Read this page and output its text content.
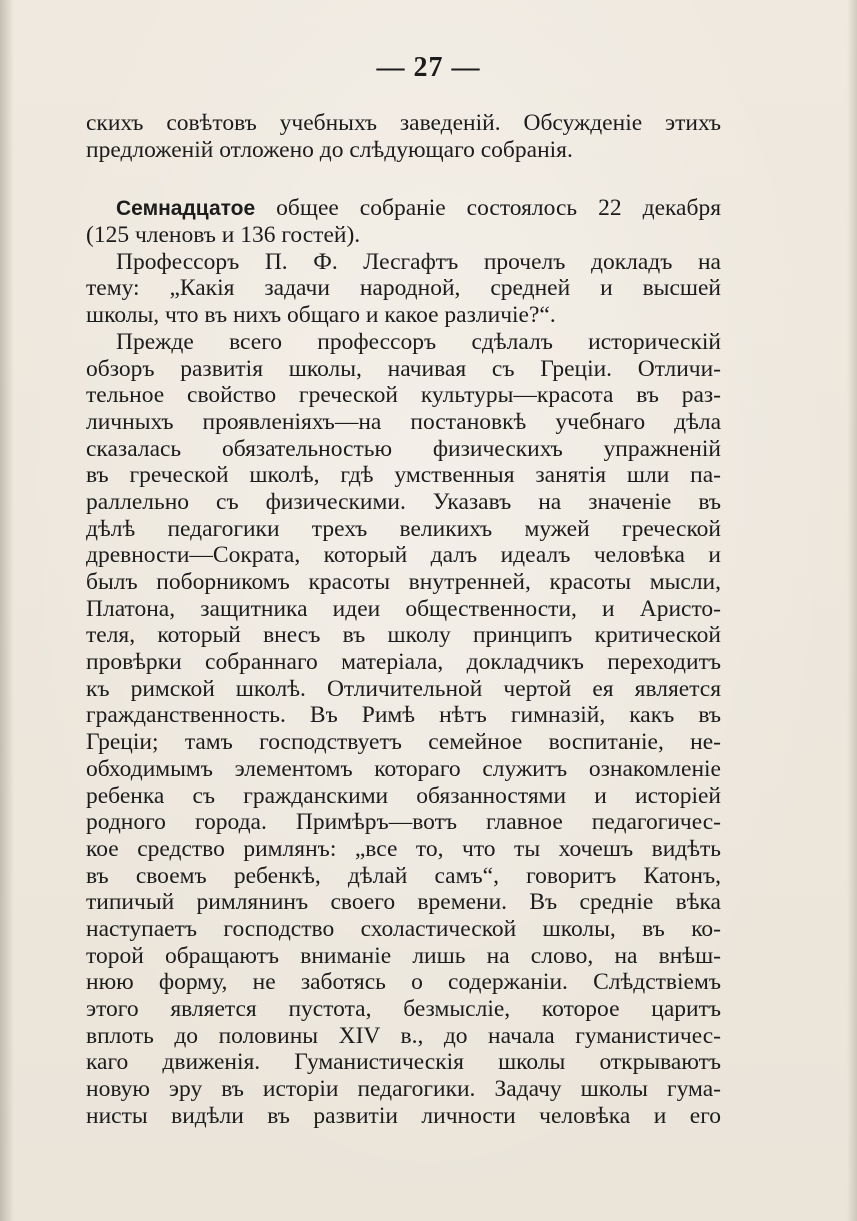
— 27 —
скихъ совѣтовъ учебныхъ заведеній. Обсужденіе этихъ
предложеній отложено до слѣдующаго собранія.
Семнадцатое общее собраніе состоялось 22 декабря
(125 членовъ и 136 гостей).
Профессоръ П. Ф. Лесгафтъ прочелъ докладъ на
тему: „Какія задачи народной, средней и высшей
школы, что въ нихъ общаго и какое различіе?“.
Прежде всего профессоръ сдѣлалъ историческій
обзоръ развитія школы, начивая съ Греціи. Отличи-
тельное свойство греческой культуры—красота въ раз-
личныхъ проявленіяхъ—на постановкѣ учебнаго дѣла
сказалась обязательностью физическихъ упражненій
въ греческой школѣ, гдѣ умственныя занятія шли па-
раллельно съ физическими. Указавъ на значеніе въ
дѣлѣ педагогики трехъ великихъ мужей греческой
древности—Сократа, который далъ идеалъ человѣка и
былъ поборникомъ красоты внутренней, красоты мысли,
Платона, защитника идеи общественности, и Аристо-
теля, который внесъ въ школу принципъ критической
провѣрки собраннаго матеріала, докладчикъ переходитъ
къ римской школѣ. Отличительной чертой ея является
гражданственность. Въ Римѣ нѣтъ гимназій, какъ въ
Греціи; тамъ господствуетъ семейное воспитаніе, не-
обходимымъ элементомъ котораго служитъ ознакомленіе
ребенка съ гражданскими обязанностями и исторіей
родного города. Примѣръ—вотъ главное педагогичес-
кое средство римлянъ: „все то, что ты хочешъ видѣть
въ своемъ ребенкѣ, дѣлай самъ“, говоритъ Катонъ,
типичый римлянинъ своего времени. Въ средніе вѣка
наступаетъ господство схоластической школы, въ ко-
торой обращаютъ вниманіе лишь на слово, на внѣш-
нюю форму, не заботясь о содержаніи. Слѣдствіемъ
этого является пустота, безмысліе, которое царитъ
вплоть до половины XIV в., до начала гуманистичес-
каго движенія. Гуманистическія школы открываютъ
новую эру въ исторіи педагогики. Задачу школы гума-
нисты видѣли въ развитіи личности человѣка и его
